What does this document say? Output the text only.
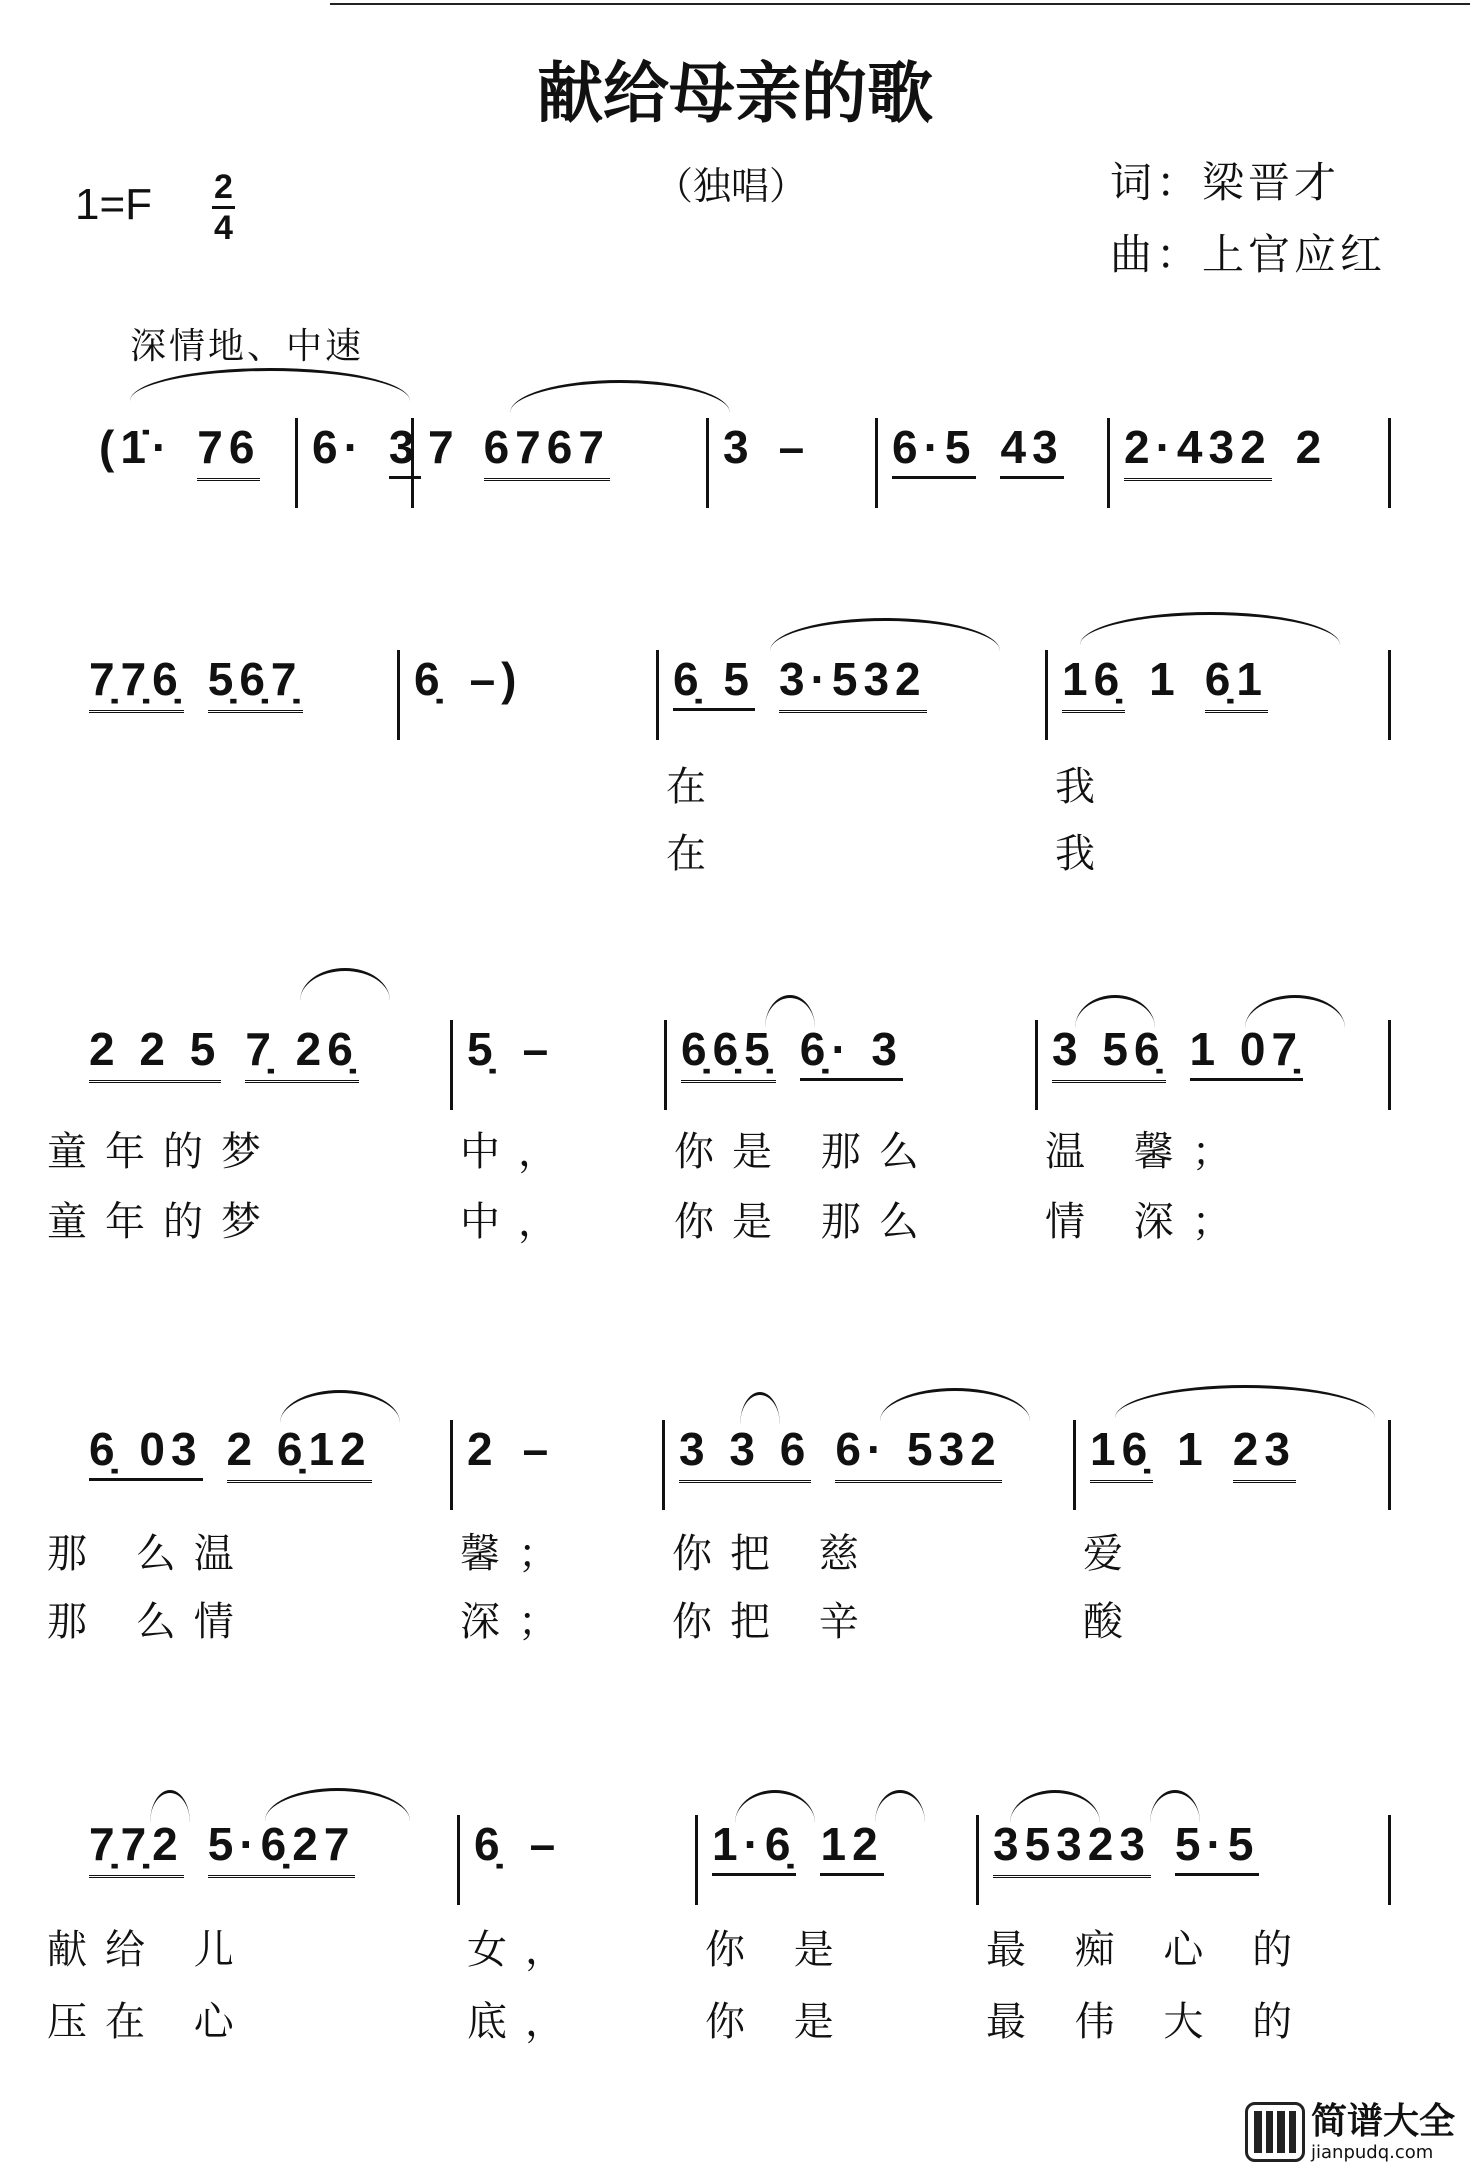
献给母亲的歌
1=F 2
4
（独唱）	词：梁晋才
曲：上官应红
深情地、中速
(1̇· 76 6· 3 7 6767 3 – 6·5 43 2·432 2
7̣7̣6̣ 5̣6̣7̣ 6̣ –)	6̣ 5 3·532
在
在
16̣ 1 6̣1
我
我
2 2 5 7̣ 26̣
童年的梦
童年的梦
5̣ –
中，
中，
6̣6̣5̣ 6̣· 3
你是 那么
你是 那么
3 56̣ 1 07̣
温 馨；
情 深；
6̣ 03 2 6̣12
那 么温
那 么情
2 –
馨；
深；
3 3 6 6· 532
你把 慈
你把 辛
16̣ 1 23
爱
酸
7̣7̣2 5·6̣27
献给 儿
压在 心
6̣ –
女，
底，
1·6̣ 12
你 是
你 是
35323 5·5
最 痴 心 的
最 伟 大 的
简谱大全
jianpudq.com
